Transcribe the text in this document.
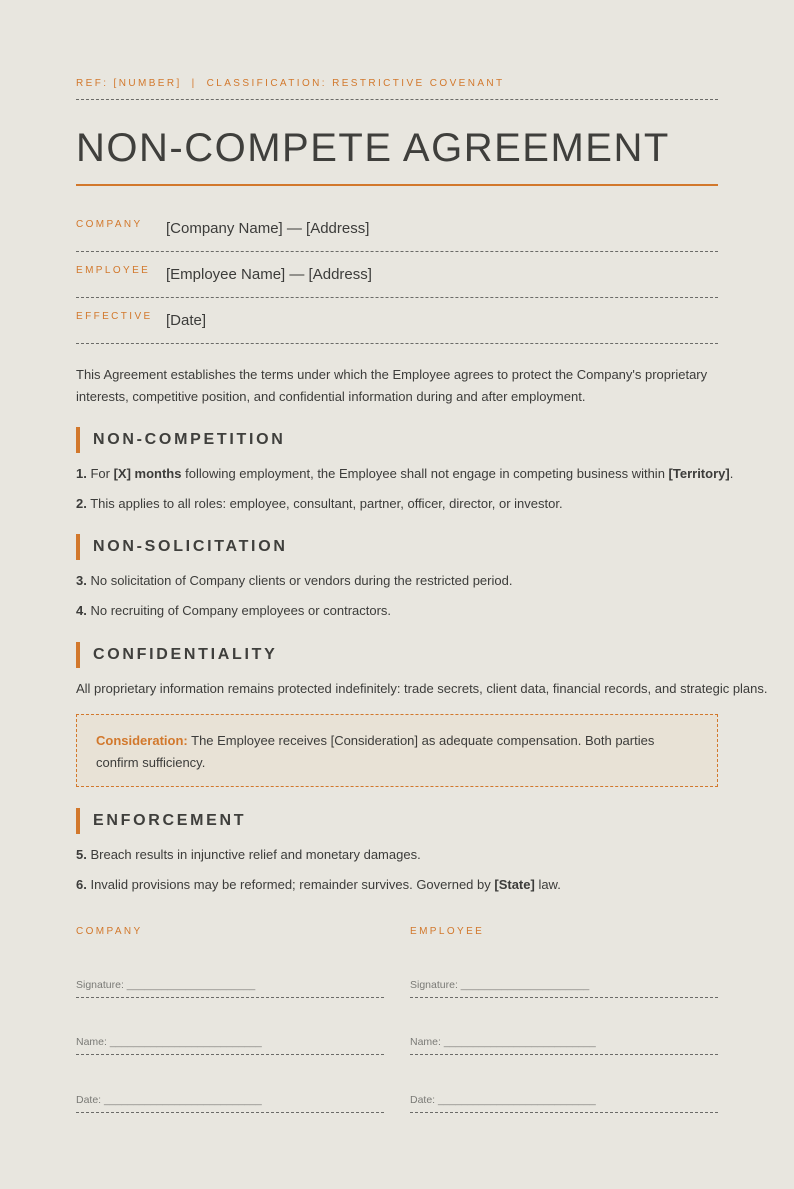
REF: [NUMBER] | CLASSIFICATION: RESTRICTIVE COVENANT
NON-COMPETE AGREEMENT
COMPANY [Company Name] — [Address]
EMPLOYEE [Employee Name] — [Address]
EFFECTIVE [Date]
This Agreement establishes the terms under which the Employee agrees to protect the Company's proprietary interests, competitive position, and confidential information during and after employment.
NON-COMPETITION
1. For [X] months following employment, the Employee shall not engage in competing business within [Territory].
2. This applies to all roles: employee, consultant, partner, officer, director, or investor.
NON-SOLICITATION
3. No solicitation of Company clients or vendors during the restricted period.
4. No recruiting of Company employees or contractors.
CONFIDENTIALITY
All proprietary information remains protected indefinitely: trade secrets, client data, financial records, and strategic plans.
Consideration: The Employee receives [Consideration] as adequate compensation. Both parties confirm sufficiency.
ENFORCEMENT
5. Breach results in injunctive relief and monetary damages.
6. Invalid provisions may be reformed; remainder survives. Governed by [State] law.
COMPANY
Signature: ______________________
Name: __________________________
Date: ___________________________
EMPLOYEE
Signature: ______________________
Name: __________________________
Date: ___________________________
